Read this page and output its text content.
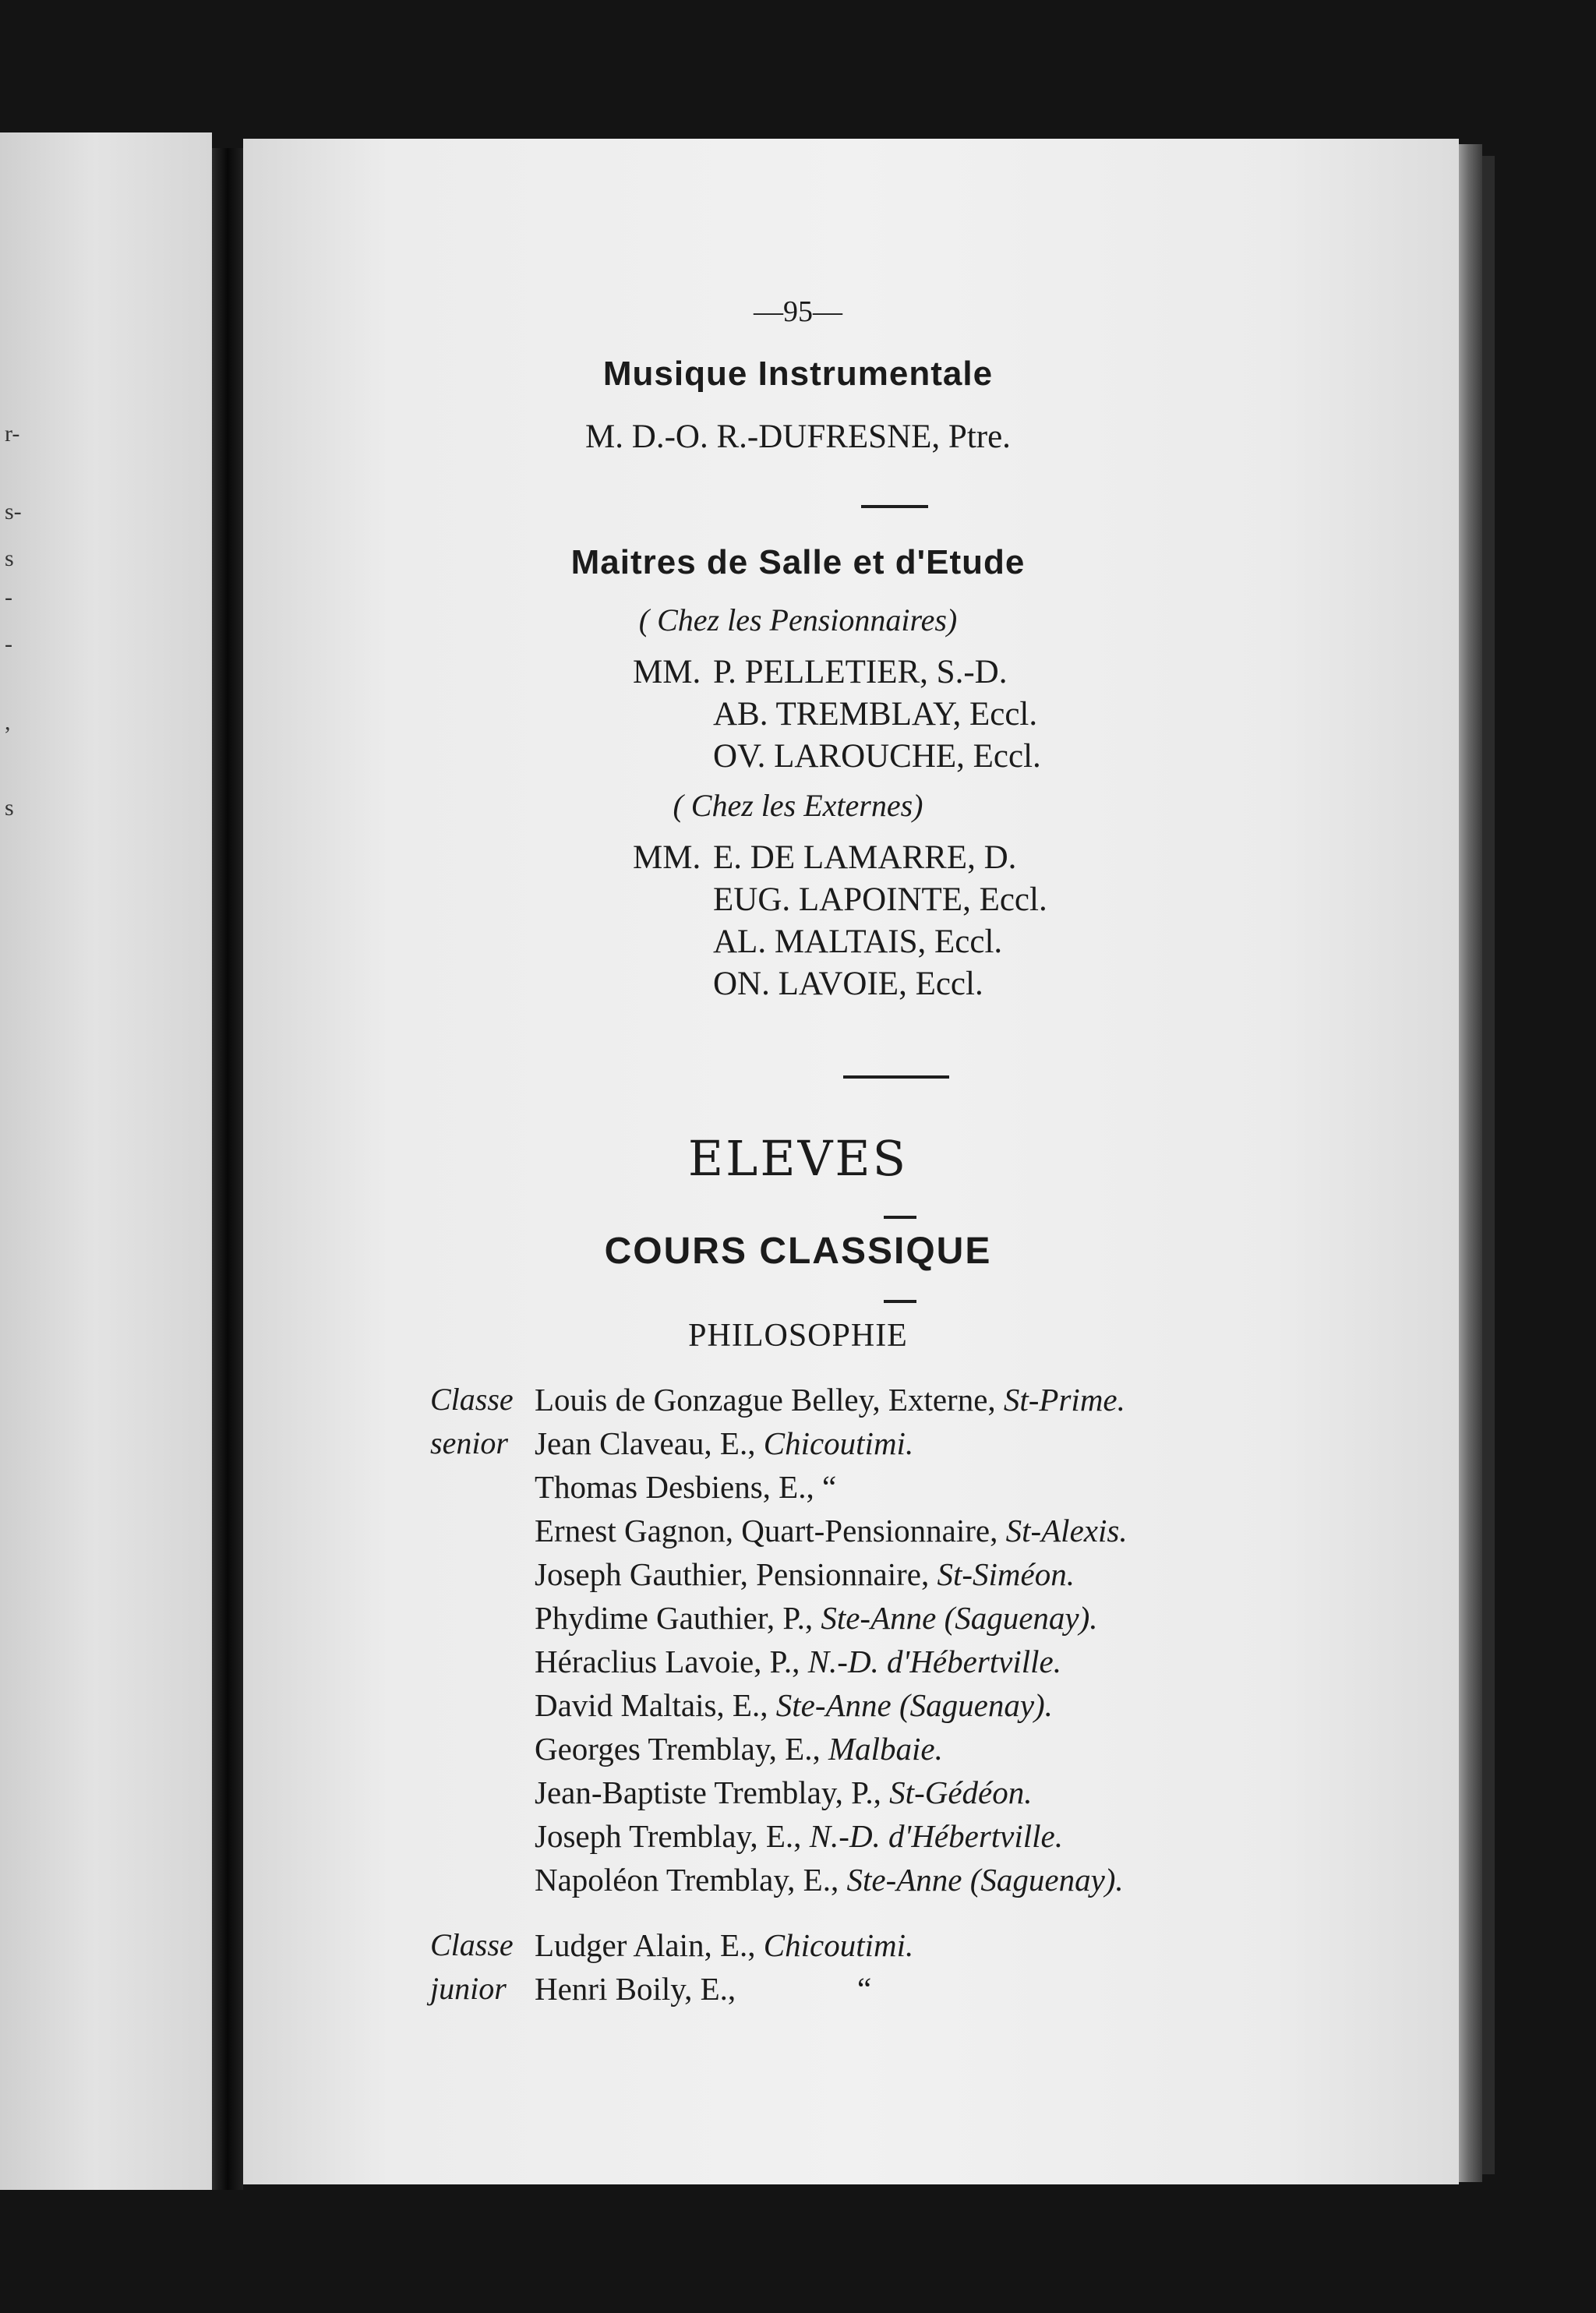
r-
s-
s
-
-
,
s
—95—
Musique Instrumentale
M. D.-O. R.-DUFRESNE, Ptre.
Maitres de Salle et d'Etude
( Chez les Pensionnaires)
MM. P. PELLETIER, S.-D.
AB. TREMBLAY, Eccl.
OV. LAROUCHE, Eccl.
( Chez les Externes)
MM. E. DE LAMARRE, D.
EUG. LAPOINTE, Eccl.
AL. MALTAIS, Eccl.
ON. LAVOIE, Eccl.
ELEVES
COURS CLASSIQUE
PHILOSOPHIE
Classe
senior
Louis de Gonzague Belley, Externe, St-Prime.
Jean Claveau, E., Chicoutimi.
Thomas Desbiens, E., “
Ernest Gagnon, Quart-Pensionnaire, St-Alexis.
Joseph Gauthier, Pensionnaire, St-Siméon.
Phydime Gauthier, P., Ste-Anne (Saguenay).
Héraclius Lavoie, P., N.-D. d'Hébertville.
David Maltais, E., Ste-Anne (Saguenay).
Georges Tremblay, E., Malbaie.
Jean-Baptiste Tremblay, P., St-Gédéon.
Joseph Tremblay, E., N.-D. d'Hébertville.
Napoléon Tremblay, E., Ste-Anne (Saguenay).
Classe
junior
Ludger Alain, E., Chicoutimi.
Henri Boily, E.,	“
